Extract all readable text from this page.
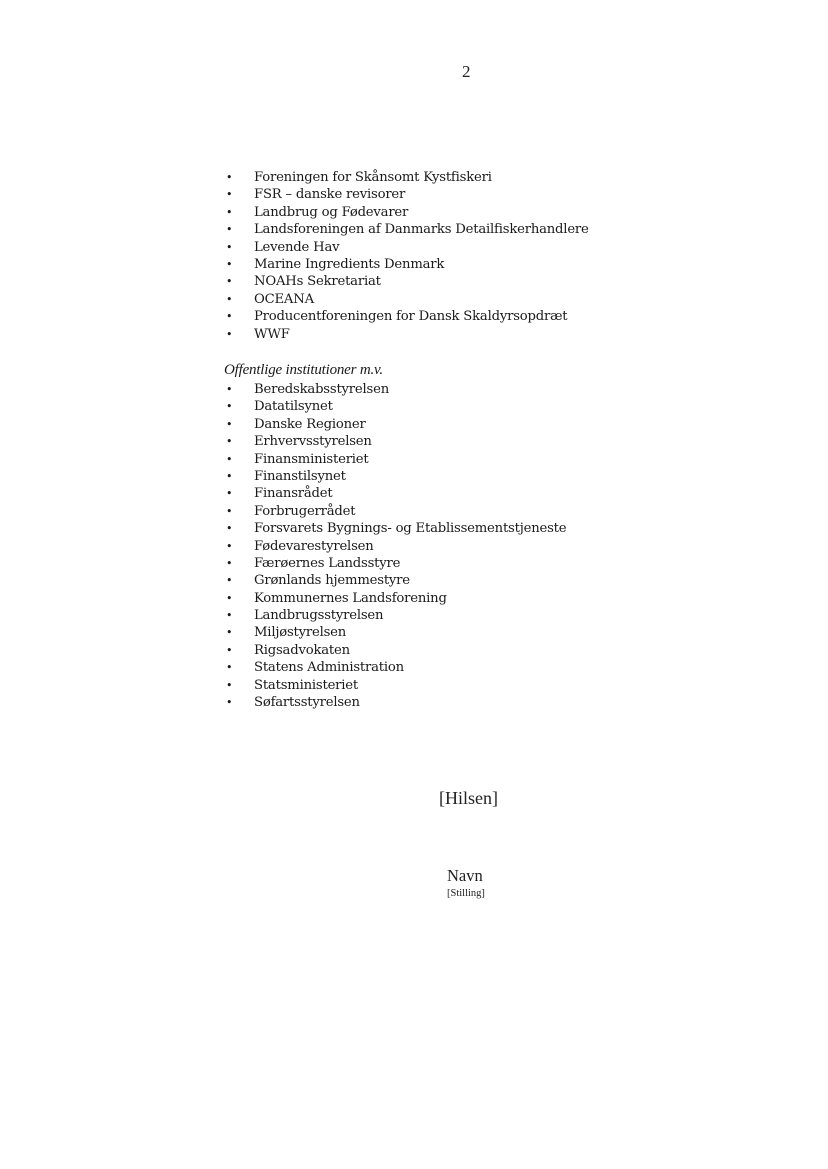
2
• Foreningen for Skånsomt Kystfiskeri
• FSR – danske revisorer
• Landbrug og Fødevarer
• Landsforeningen af Danmarks Detailfiskerhandlere
• Levende Hav
• Marine Ingredients Denmark
• NOAHs Sekretariat
• OCEANA
• Producentforeningen for Dansk Skaldyrsopdræt
• WWF
Offentlige institutioner m.v.
• Beredskabsstyrelsen
• Datatilsynet
• Danske Regioner
• Erhvervsstyrelsen
• Finansministeriet
• Finanstilsynet
• Finansrådet
• Forbrugerrådet
• Forsvarets Bygnings- og Etablissementstjeneste
• Fødevarestyrelsen
• Færøernes Landsstyre
• Grønlands hjemmestyre
• Kommunernes Landsforening
• Landbrugsstyrelsen
• Miljøstyrelsen
• Rigsadvokaten
• Statens Administration
• Statsministeriet
• Søfartsstyrelsen
[Hilsen]
Navn
[Stilling]
